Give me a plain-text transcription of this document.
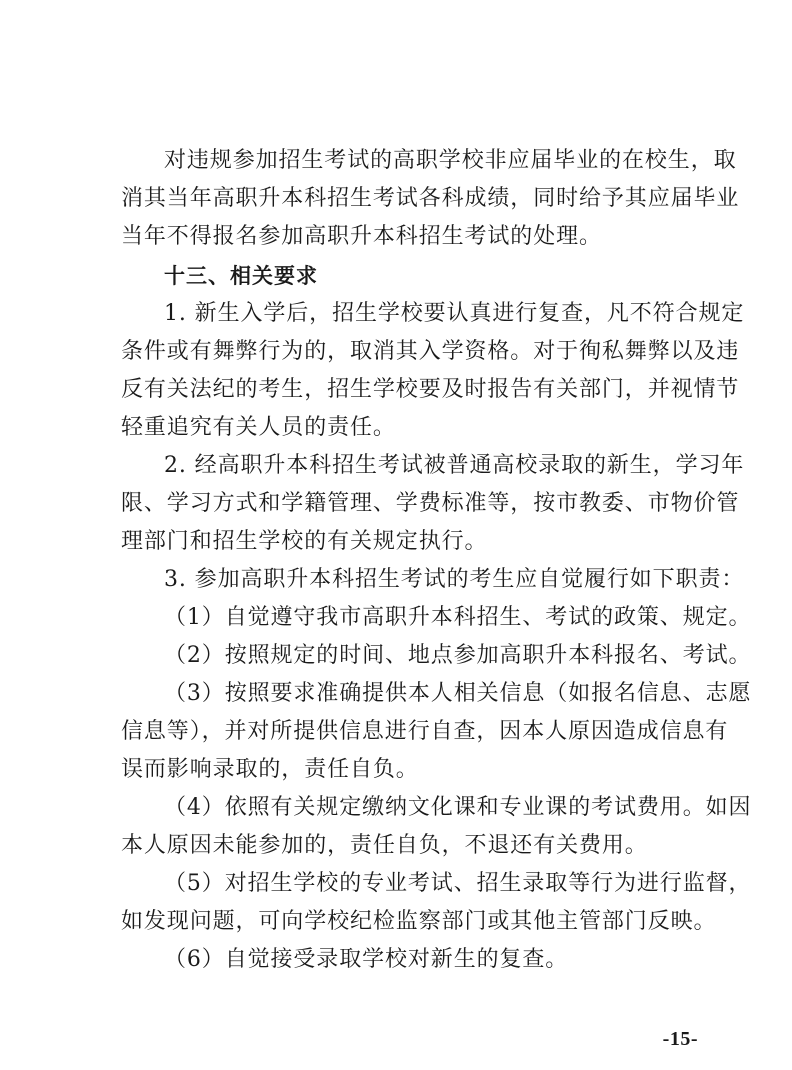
对违规参加招生考试的高职学校非应届毕业的在校生，取
消其当年高职升本科招生考试各科成绩，同时给予其应届毕业
当年不得报名参加高职升本科招生考试的处理。
十三、相关要求
1. 新生入学后，招生学校要认真进行复查，凡不符合规定
条件或有舞弊行为的，取消其入学资格。对于徇私舞弊以及违
反有关法纪的考生，招生学校要及时报告有关部门，并视情节
轻重追究有关人员的责任。
2. 经高职升本科招生考试被普通高校录取的新生，学习年
限、学习方式和学籍管理、学费标准等，按市教委、市物价管
理部门和招生学校的有关规定执行。
3. 参加高职升本科招生考试的考生应自觉履行如下职责：
（1）自觉遵守我市高职升本科招生、考试的政策、规定。
（2）按照规定的时间、地点参加高职升本科报名、考试。
（3）按照要求准确提供本人相关信息（如报名信息、志愿
信息等），并对所提供信息进行自查，因本人原因造成信息有
误而影响录取的，责任自负。
（4）依照有关规定缴纳文化课和专业课的考试费用。如因
本人原因未能参加的，责任自负，不退还有关费用。
（5）对招生学校的专业考试、招生录取等行为进行监督，
如发现问题，可向学校纪检监察部门或其他主管部门反映。
（6）自觉接受录取学校对新生的复查。
-15-
